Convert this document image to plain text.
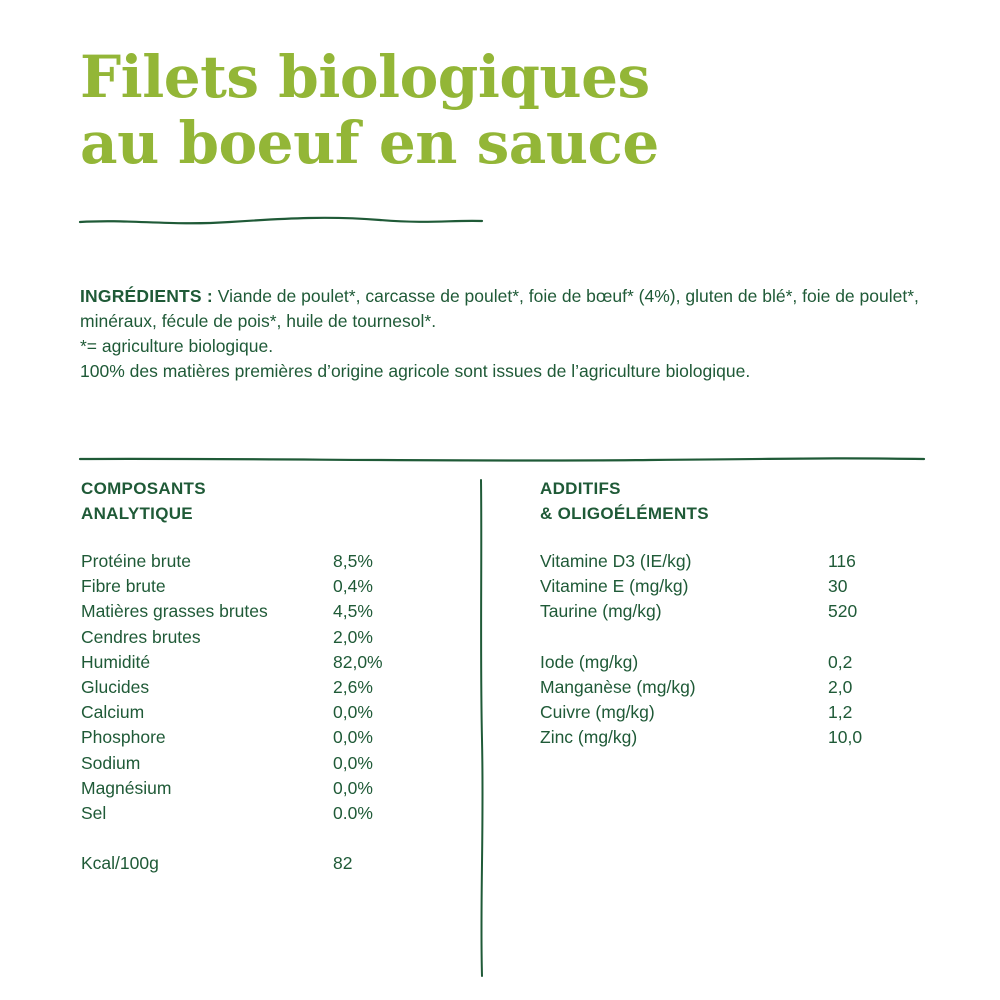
Filets biologiques
au boeuf en sauce

INGRÉDIENTS : Viande de poulet*, carcasse de poulet*, foie de bœuf* (4%), gluten de blé*, foie de poulet*, minéraux, fécule de pois*, huile de tournesol*.

*= agriculture biologique.

100% des matières premières d’origine agricole sont issues de l’agriculture biologique.

COMPOSANTS
ANALYTIQUE
ADDITIFS
& OLIGOÉLÉMENTS
Protéine brute	8,5%
Fibre brute	0,4%
Matières grasses brutes	4,5%
Cendres brutes	2,0%
Humidité	82,0%
Glucides	2,6%
Calcium	0,0%
Phosphore	0,0%
Sodium	0,0%
Magnésium	0,0%
Sel	0.0%
Kcal/100g	82
Vitamine D3 (IE/kg)	116
Vitamine E (mg/kg)	30
Taurine (mg/kg)	520
Iode (mg/kg)	0,2
Manganèse (mg/kg)	2,0
Cuivre (mg/kg)	1,2
Zinc (mg/kg)	10,0
